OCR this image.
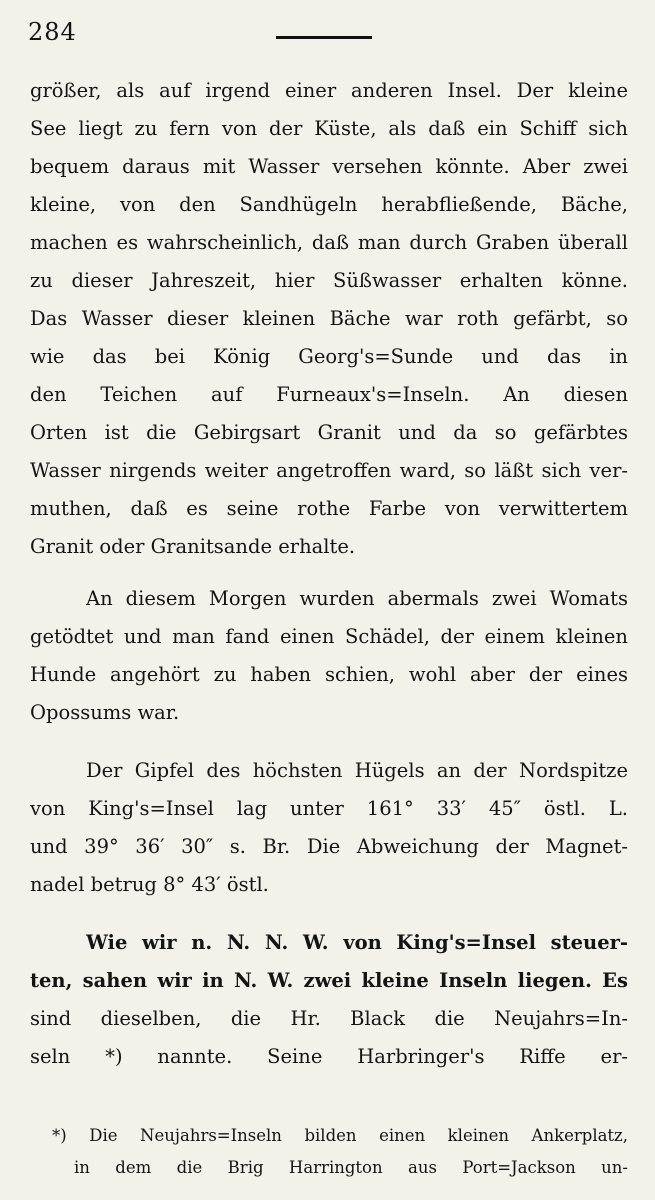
284
größer, als auf irgend einer anderen Insel. Der kleine
See liegt zu fern von der Küste, als daß ein Schiff sich
bequem daraus mit Wasser versehen könnte. Aber zwei
kleine, von den Sandhügeln herabfließende, Bäche,
machen es wahrscheinlich, daß man durch Graben überall
zu dieser Jahreszeit, hier Süßwasser erhalten könne.
Das Wasser dieser kleinen Bäche war roth gefärbt, so
wie das bei König Georg's=Sunde und das in
den Teichen auf Furneaux's=Inseln. An diesen
Orten ist die Gebirgsart Granit und da so gefärbtes
Wasser nirgends weiter angetroffen ward, so läßt sich ver-
muthen, daß es seine rothe Farbe von verwittertem
Granit oder Granitsande erhalte.
An diesem Morgen wurden abermals zwei Womats
getödtet und man fand einen Schädel, der einem kleinen
Hunde angehört zu haben schien, wohl aber der eines
Opossums war.
Der Gipfel des höchsten Hügels an der Nordspitze
von King's=Insel lag unter 161° 33′ 45″ östl. L.
und 39° 36′ 30″ s. Br. Die Abweichung der Magnet-
nadel betrug 8° 43′ östl.
Wie wir n. N. N. W. von King's=Insel steuer-
ten, sahen wir in N. W. zwei kleine Inseln liegen. Es
sind dieselben, die Hr. Black die Neujahrs=In-
seln *) nannte. Seine Harbringer's Riffe er-
*) Die Neujahrs=Inseln bilden einen kleinen Ankerplatz,
in dem die Brig Harrington aus Port=Jackson un-
